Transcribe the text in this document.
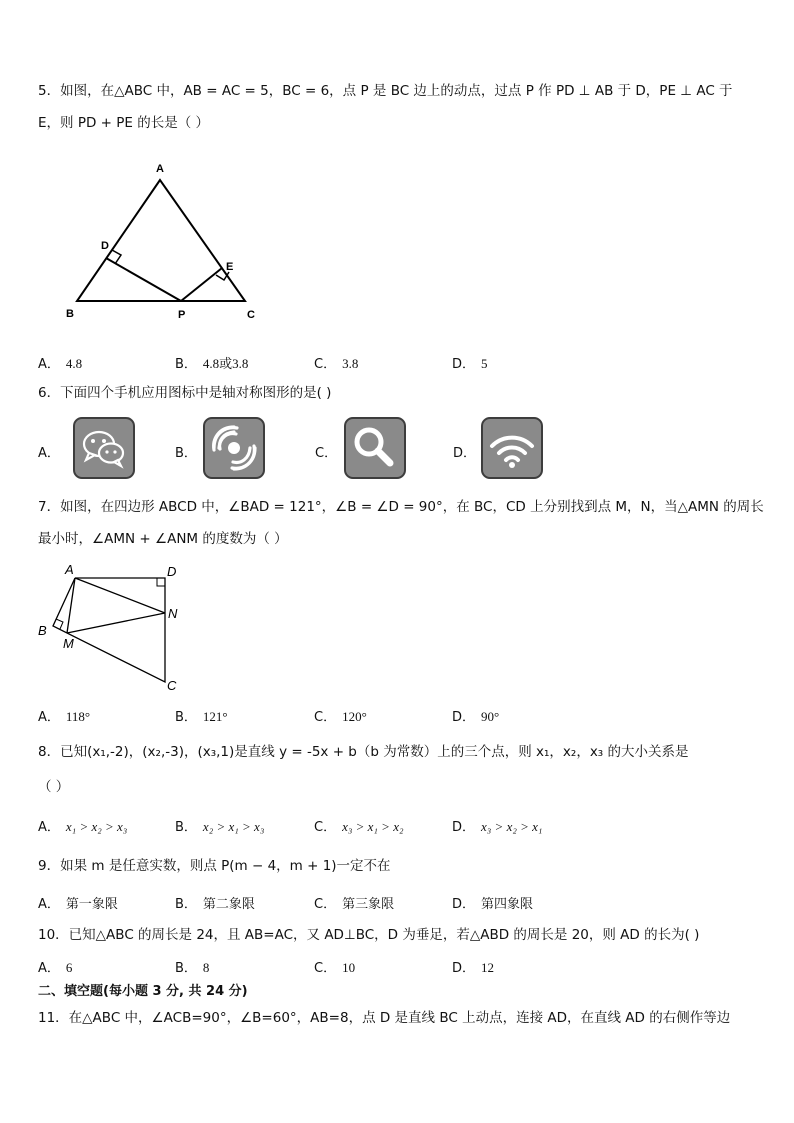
5．如图，在△ABC 中，AB = AC = 5，BC = 6，点 P 是 BC 边上的动点，过点 P 作 PD ⊥ AB 于 D，PE ⊥ AC 于
E，则 PD + PE 的长是（ ）
A
B	C
D
E
P
A． 4.8	B． 4.8或3.8	C． 3.8	D． 5
6．下面四个手机应用图标中是轴对称图形的是( )
A．	B．	C．	D．
7．如图，在四边形 ABCD 中，∠BAD = 121°，∠B = ∠D = 90°，在 BC，CD 上分别找到点 M，N，当△AMN 的周长
最小时，∠AMN + ∠ANM 的度数为（ ）
A
B
C
D
M
N
A． 118°	B． 121°	C． 120°	D． 90°
8．已知(x₁,-2)，(x₂,-3)，(x₃,1)是直线 y = -5x + b（b 为常数）上的三个点，则 x₁，x₂，x₃ 的大小关系是
（ ）
A． x₁ > x₂ > x₃	B． x₂ > x₁ > x₃	C． x₃ > x₁ > x₂	D． x₃ > x₂ > x₁
9．如果 m 是任意实数，则点 P(m − 4，m + 1)一定不在
A． 第一象限	B． 第二象限	C． 第三象限	D． 第四象限
10．已知△ABC 的周长是 24，且 AB=AC，又 AD⊥BC，D 为垂足，若△ABD 的周长是 20，则 AD 的长为( )
A． 6	B． 8	C． 10	D． 12
二、填空题(每小题 3 分, 共 24 分)
11．在△ABC 中，∠ACB=90°，∠B=60°，AB=8，点 D 是直线 BC 上动点，连接 AD，在直线 AD 的右侧作等边
